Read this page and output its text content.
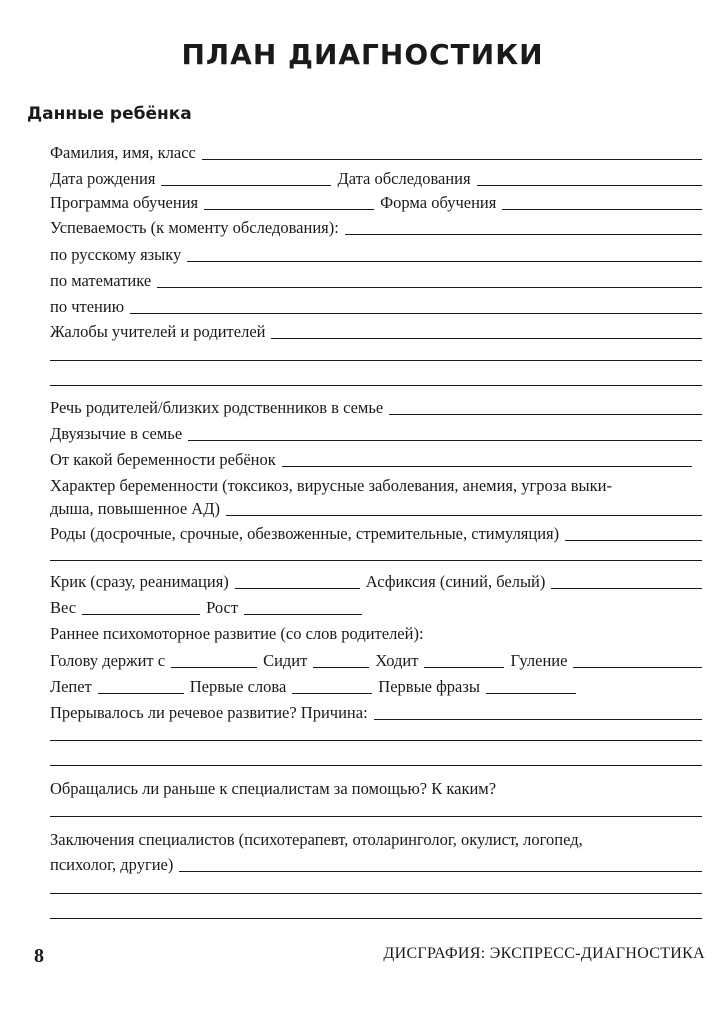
ПЛАН ДИАГНОСТИКИ
Данные ребёнка
Фамилия, имя, класс
Дата рождения	Дата обследования
Программа обучения	Форма обучения
Успеваемость (к моменту обследования):
по русскому языку
по математике
по чтению
Жалобы учителей и родителей
Речь родителей/близких родственников в семье
Двуязычие в семье
От какой беременности ребёнок
Характер беременности (токсикоз, вирусные заболевания, анемия, угроза выки-
дыша, повышенное АД)
Роды (досрочные, срочные, обезвоженные, стремительные, стимуляция)
Крик (сразу, реанимация)	Асфиксия (синий, белый)
Вес	Рост
Раннее психомоторное развитие (со слов родителей):
Голову держит с	Сидит	Ходит	Гуление
Лепет	Первые слова	Первые фразы
Прерывалось ли речевое развитие? Причина:
Обращались ли раньше к специалистам за помощью? К каким?
Заключения специалистов (психотерапевт, отоларинголог, окулист, логопед,
психолог, другие)
8	ДИСГРАФИЯ: ЭКСПРЕСС-ДИАГНОСТИКА
